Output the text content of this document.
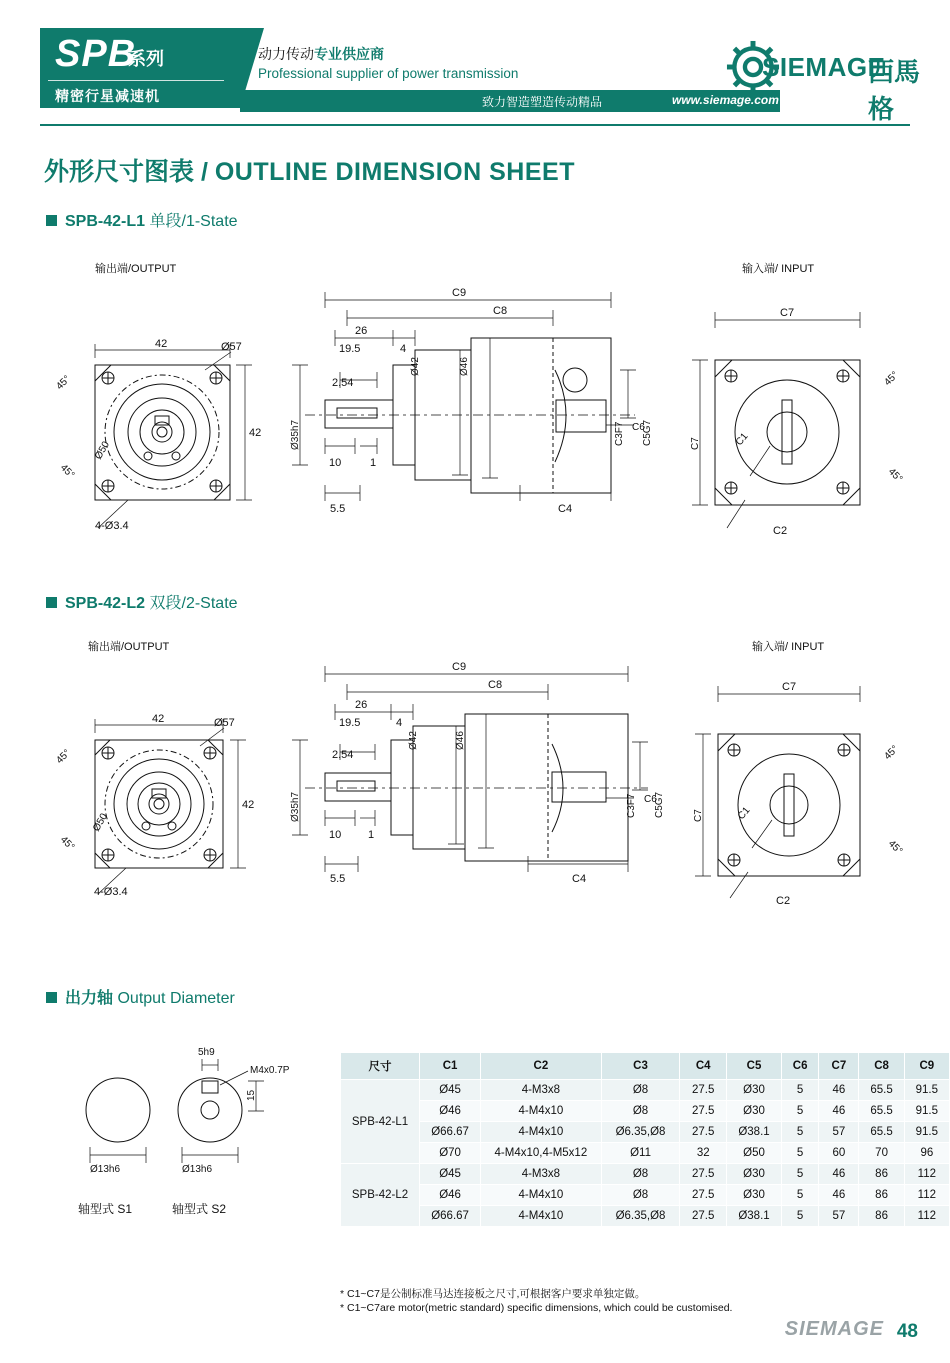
SPB
系列
精密行星减速机
动力传动专业供应商
Professional supplier of power transmission
致力智造塑造传动精品	www.siemage.com
SIEMAGE
西馬格
外形尺寸图表 / OUTLINE DIMENSION SHEET
SPB-42-L1 单段/1-State
输出端/OUTPUT	输入端/ INPUT
42
42
4-Ø3.4
Ø57
45°
45°
Ø50
C9
C8
26
19.5	4
2.54
10	1
5.5	C4
Ø42	Ø46
Ø35h7	C3F7 C5G7
C6
C7
C2
C7	C1
45°
45°
SPB-42-L2 双段/2-State
输出端/OUTPUT	输入端/ INPUT
42
42
4-Ø3.4
Ø57
45°
45°
Ø50
C9
C8
26
19.5	4
2.54
10 1
5.5	C4
Ø42	Ø46
Ø35h7	C3F7 C5G7
C6
C7
C2
C7	C1
45°
45°
出力轴 Output Diameter
Ø13h6	Ø13h6
5h9
15
M4x0.7P
轴型式 S1	轴型式 S2
尺寸	C1	C2	C3	C4	C5	C6	C7	C8	C9
SPB-42-L1	Ø45	4-M3x8	Ø8	27.5	Ø30	5	46	65.5	91.5
	Ø46	4-M4x10	Ø8	27.5	Ø30	5	46	65.5	91.5
	Ø66.67	4-M4x10	Ø6.35,Ø8	27.5	Ø38.1	5	57	65.5	91.5
	Ø70	4-M4x10,4-M5x12	Ø11	32	Ø50	5	60	70	96
SPB-42-L2	Ø45	4-M3x8	Ø8	27.5	Ø30	5	46	86	112
	Ø46	4-M4x10	Ø8	27.5	Ø30	5	46	86	112
	Ø66.67	4-M4x10	Ø6.35,Ø8	27.5	Ø38.1	5	57	86	112
* C1~C7是公制标准马达连接板之尺寸,可根据客户要求单独定做。
* C1~C7are motor(metric standard) specific dimensions, which could be customised.
SIEMAGE 48
